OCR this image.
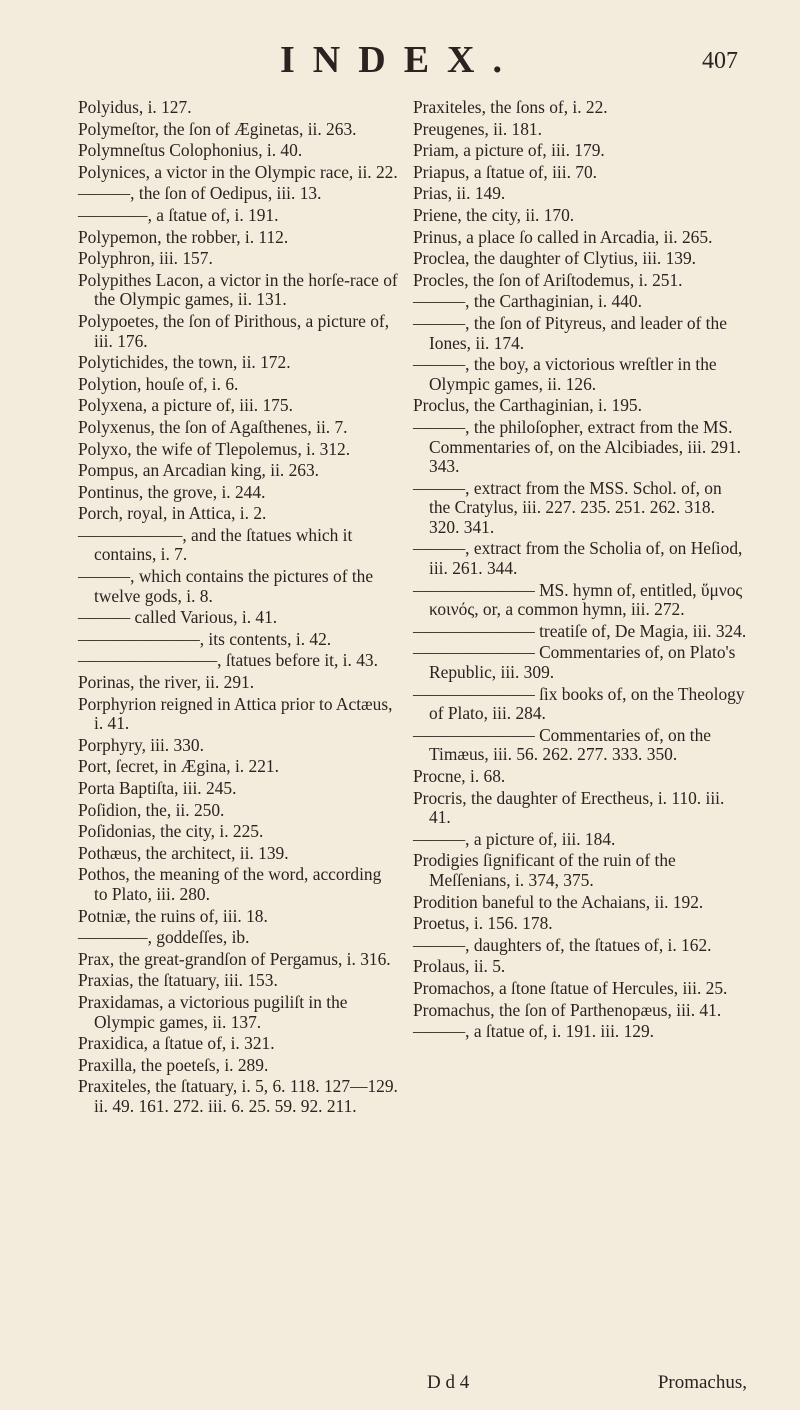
INDEX.	407
Polyidus, i. 127.
Polymeſtor, the ſon of Æginetas, ii. 263.
Polymneſtus Colophonius, i. 40.
Polynices, a victor in the Olympic race, ii. 22.
———, the ſon of Oedipus, iii. 13.
————, a ſtatue of, i. 191.
Polypemon, the robber, i. 112.
Polyphron, iii. 157.
Polypithes Lacon, a victor in the horſe-race of the Olympic games, ii. 131.
Polypoetes, the ſon of Pirithous, a picture of, iii. 176.
Polytichides, the town, ii. 172.
Polytion, houſe of, i. 6.
Polyxena, a picture of, iii. 175.
Polyxenus, the ſon of Agaſthenes, ii. 7.
Polyxo, the wife of Tlepolemus, i. 312.
Pompus, an Arcadian king, ii. 263.
Pontinus, the grove, i. 244.
Porch, royal, in Attica, i. 2.
——————, and the ſtatues which it contains, i. 7.
———, which contains the pictures of the twelve gods, i. 8.
——— called Various, i. 41.
———————, its contents, i. 42.
————————, ſtatues before it, i. 43.
Porinas, the river, ii. 291.
Porphyrion reigned in Attica prior to Actæus, i. 41.
Porphyry, iii. 330.
Port, ſecret, in Ægina, i. 221.
Porta Baptiſta, iii. 245.
Poſidion, the, ii. 250.
Poſidonias, the city, i. 225.
Pothæus, the architect, ii. 139.
Pothos, the meaning of the word, according to Plato, iii. 280.
Potniæ, the ruins of, iii. 18.
————, goddeſſes, ib.
Prax, the great-grandſon of Pergamus, i. 316.
Praxias, the ſtatuary, iii. 153.
Praxidamas, a victorious pugiliſt in the Olympic games, ii. 137.
Praxidica, a ſtatue of, i. 321.
Praxilla, the poeteſs, i. 289.
Praxiteles, the ſtatuary, i. 5, 6. 118. 127—129. ii. 49. 161. 272. iii. 6. 25. 59. 92. 211.
Praxiteles, the ſons of, i. 22.
Preugenes, ii. 181.
Priam, a picture of, iii. 179.
Priapus, a ſtatue of, iii. 70.
Prias, ii. 149.
Priene, the city, ii. 170.
Prinus, a place ſo called in Arcadia, ii. 265.
Proclea, the daughter of Clytius, iii. 139.
Procles, the ſon of Ariſtodemus, i. 251.
———, the Carthaginian, i. 440.
———, the ſon of Pityreus, and leader of the Iones, ii. 174.
———, the boy, a victorious wreſtler in the Olympic games, ii. 126.
Proclus, the Carthaginian, i. 195.
———, the philoſopher, extract from the MS. Commentaries of, on the Alcibiades, iii. 291. 343.
———, extract from the MSS. Schol. of, on the Cratylus, iii. 227. 235. 251. 262. 318. 320. 341.
———, extract from the Scholia of, on Heſiod, iii. 261. 344.
——————— MS. hymn of, entitled, ὕμνος κοινός, or, a common hymn, iii. 272.
——————— treatiſe of, De Magia, iii. 324.
——————— Commentaries of, on Plato's Republic, iii. 309.
——————— ſix books of, on the Theology of Plato, iii. 284.
——————— Commentaries of, on the Timæus, iii. 56. 262. 277. 333. 350.
Procne, i. 68.
Procris, the daughter of Erectheus, i. 110. iii. 41.
———, a picture of, iii. 184.
Prodigies ſignificant of the ruin of the Meſſenians, i. 374, 375.
Prodition baneful to the Achaians, ii. 192.
Proetus, i. 156. 178.
———, daughters of, the ſtatues of, i. 162.
Prolaus, ii. 5.
Promachos, a ſtone ſtatue of Hercules, iii. 25.
Promachus, the ſon of Parthenopæus, iii. 41.
———, a ſtatue of, i. 191. iii. 129.
D d 4	Promachus,
